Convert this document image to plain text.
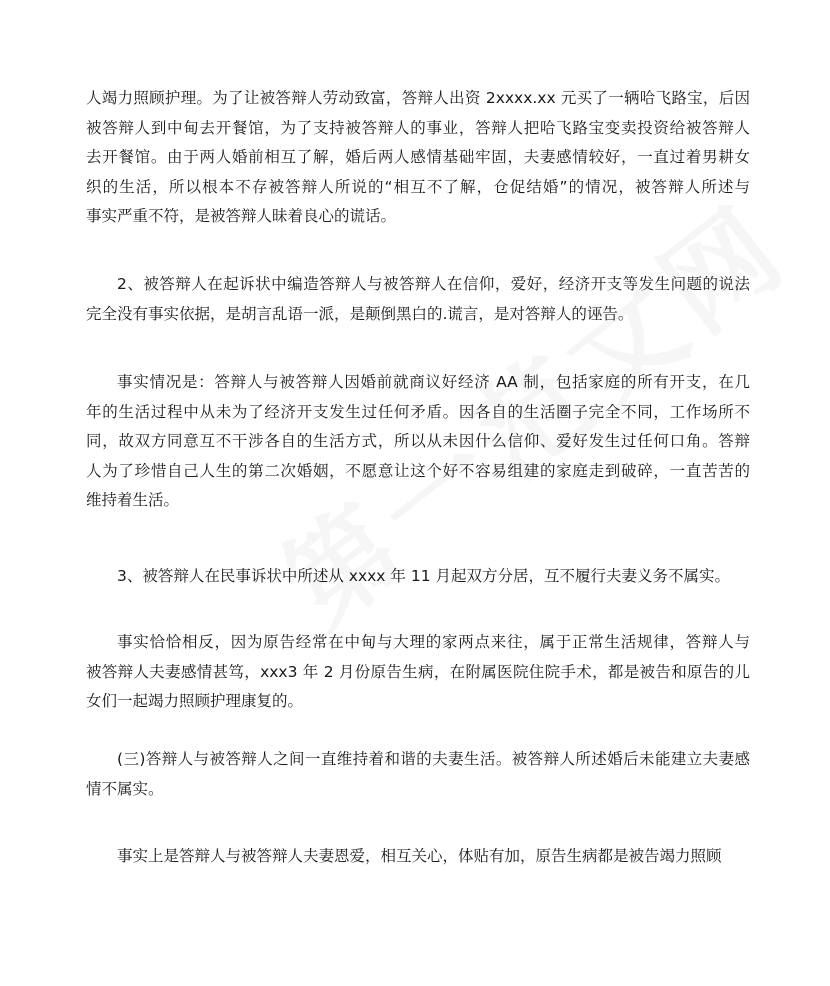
人竭力照顾护理。为了让被答辩人劳动致富，答辩人出资 2xxxx.xx 元买了一辆哈飞路宝，后因
被答辩人到中甸去开餐馆，为了支持被答辩人的事业，答辩人把哈飞路宝变卖投资给被答辩人
去开餐馆。由于两人婚前相互了解，婚后两人感情基础牢固，夫妻感情较好，一直过着男耕女
织的生活，所以根本不存被答辩人所说的“相互不了解，仓促结婚”的情况，被答辩人所述与
事实严重不符，是被答辩人昧着良心的谎话。

2、被答辩人在起诉状中编造答辩人与被答辩人在信仰，爱好，经济开支等发生问题的说法
完全没有事实依据，是胡言乱语一派，是颠倒黑白的.谎言，是对答辩人的诬告。

事实情况是：答辩人与被答辩人因婚前就商议好经济 AA 制，包括家庭的所有开支，在几
年的生活过程中从未为了经济开支发生过任何矛盾。因各自的生活圈子完全不同，工作场所不
同，故双方同意互不干涉各自的生活方式，所以从未因什么信仰、爱好发生过任何口角。答辩
人为了珍惜自己人生的第二次婚姻，不愿意让这个好不容易组建的家庭走到破碎，一直苦苦的
维持着生活。

3、被答辩人在民事诉状中所述从 xxxx 年 11 月起双方分居，互不履行夫妻义务不属实。

事实恰恰相反，因为原告经常在中甸与大理的家两点来往，属于正常生活规律，答辩人与
被答辩人夫妻感情甚笃，xxx3 年 2 月份原告生病，在附属医院住院手术，都是被告和原告的儿
女们一起竭力照顾护理康复的。

(三)答辩人与被答辩人之间一直维持着和谐的夫妻生活。被答辩人所述婚后未能建立夫妻感
情不属实。

事实上是答辩人与被答辩人夫妻恩爱，相互关心，体贴有加，原告生病都是被告竭力照顾
